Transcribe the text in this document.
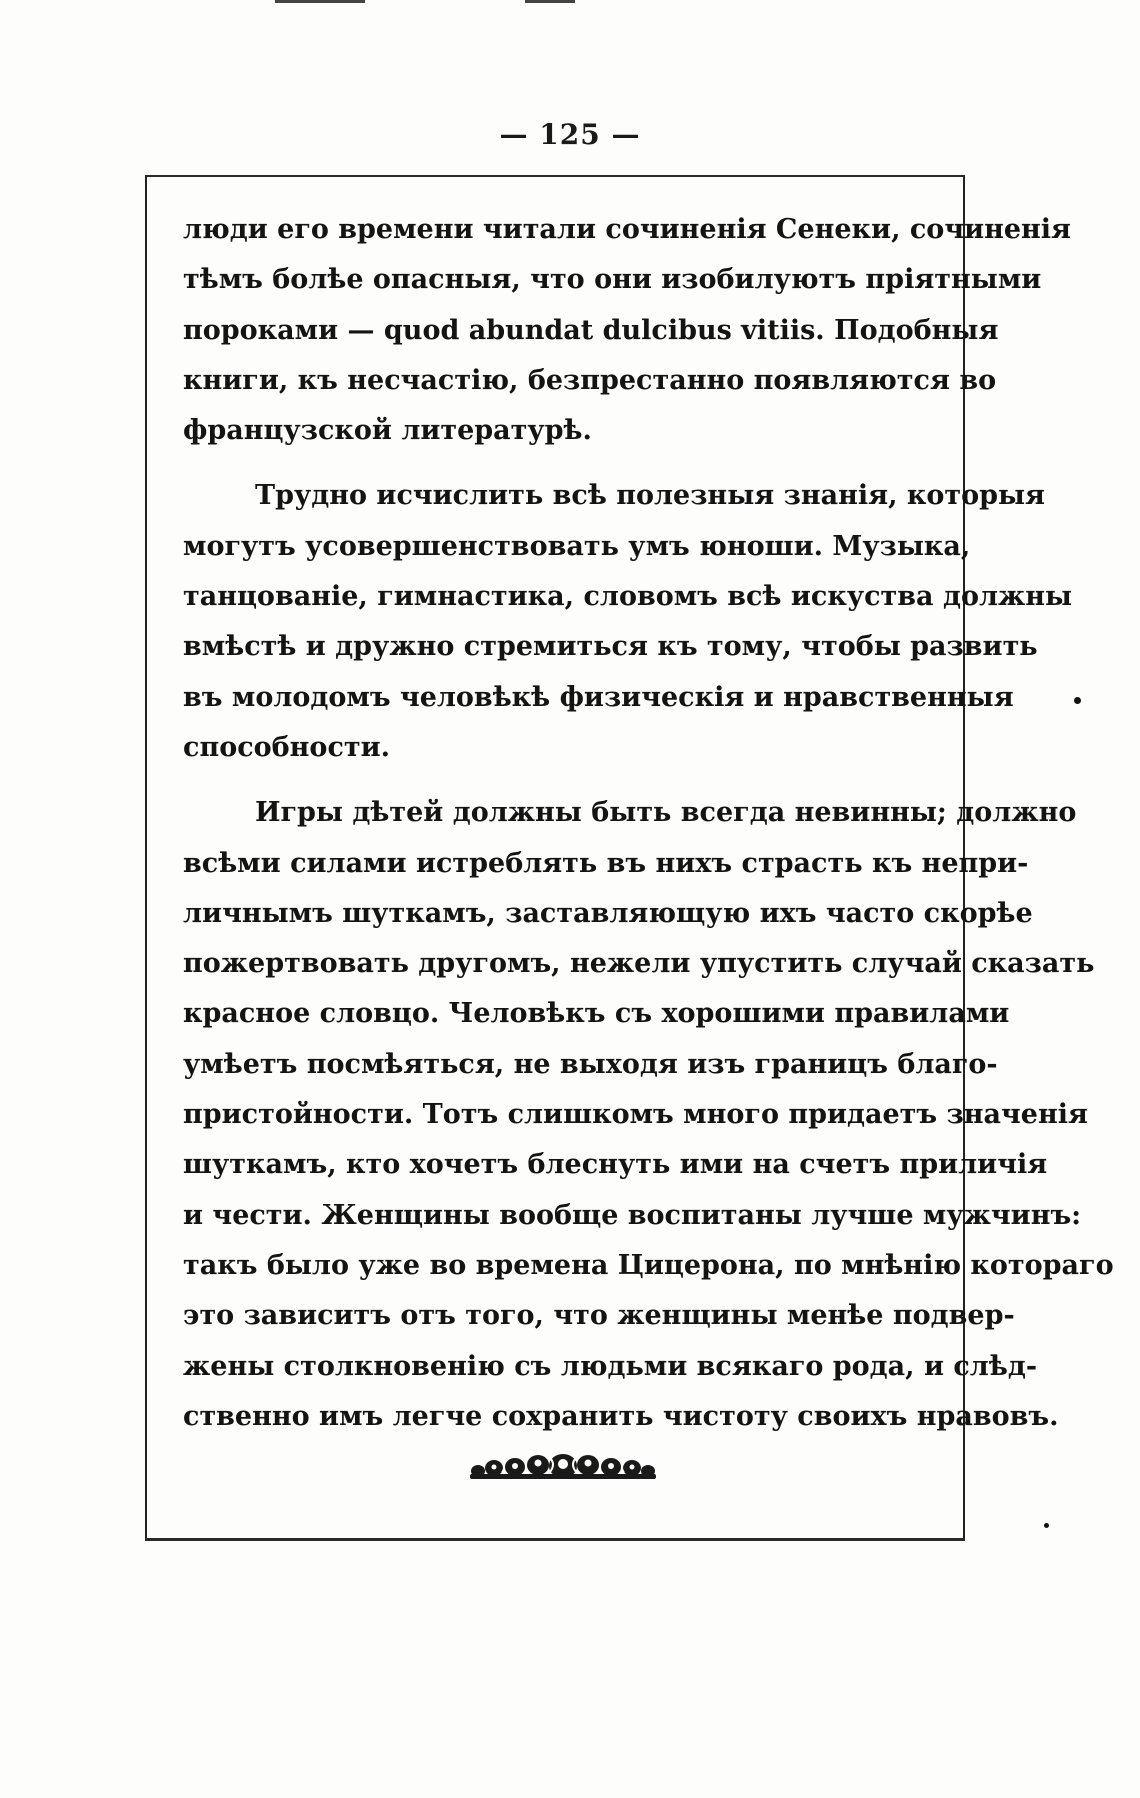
— 125 —

люди его времени читали сочиненія Сенеки, сочиненія
тѣмъ болѣе опасныя, что они изобилуютъ пріятными
пороками — quod abundat dulcibus vitiis. Подобныя
книги, къ несчастію, безпрестанно появляются во
французской литературѣ.

Трудно исчислить всѣ полезныя знанія, которыя
могутъ усовершенствовать умъ юноши. Музыка,
танцованіе, гимнастика, словомъ всѣ искуства должны
вмѣстѣ и дружно стремиться къ тому, чтобы развить
въ молодомъ человѣкѣ физическія и нравственныя
способности.

Игры дѣтей должны быть всегда невинны; должно
всѣми силами истреблять въ нихъ страсть къ непри-
личнымъ шуткамъ, заставляющую ихъ часто скорѣе
пожертвовать другомъ, нежели упустить случай сказать
красное словцо. Человѣкъ съ хорошими правилами
умѣетъ посмѣяться, не выходя изъ границъ благо-
пристойности. Тотъ слишкомъ много придаетъ значенія
шуткамъ, кто хочетъ блеснуть ими на счетъ приличія
и чести. Женщины вообще воспитаны лучше мужчинъ:
такъ было уже во времена Цицерона, по мнѣнію котораго
это зависитъ отъ того, что женщины менѣе подвер-
жены столкновенію съ людьми всякаго рода, и слѣд-
ственно имъ легче сохранить чистоту своихъ нравовъ.
